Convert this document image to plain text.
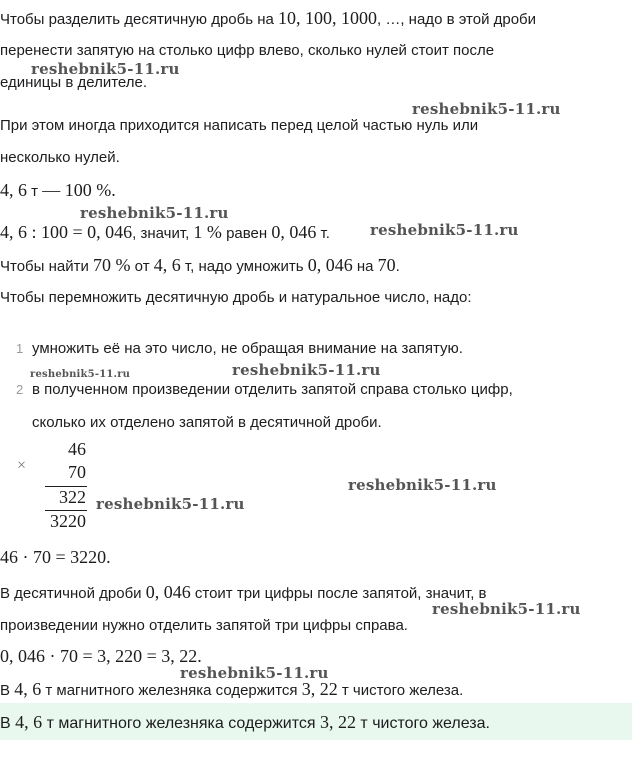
Чтобы разделить десятичную дробь на 10, 100, 1000, …, надо в этой дроби
перенести запятую на столько цифр влево, сколько нулей стоит после
reshebnik5-11.ru
единицы в делителе.
reshebnik5-11.ru
При этом иногда приходится написать перед целой частью нуль или
несколько нулей.
4, 6 т — 100 %.
reshebnik5-11.ru
4, 6 : 100 = 0, 046, значит, 1 % равен 0, 046 т.	reshebnik5-11.ru
Чтобы найти 70 % от 4, 6 т, надо умножить 0, 046 на 70.
Чтобы перемножить десятичную дробь и натуральное число, надо:
1 умножить её на это число, не обращая внимание на запятую.
reshebnik5-11.ru	reshebnik5-11.ru
2 в полученном произведении отделить запятой справа столько цифр,
сколько их отделено запятой в десятичной дроби.
×
46
70
322
3220
reshebnik5-11.ru
reshebnik5-11.ru
46 · 70 = 3220.
В десятичной дроби 0, 046 стоит три цифры после запятой, значит, в
reshebnik5-11.ru
произведении нужно отделить запятой три цифры справа.
0, 046 · 70 = 3, 220 = 3, 22.
reshebnik5-11.ru
В 4, 6 т магнитного железняка содержится 3, 22 т чистого железа.
В 4, 6 т магнитного железняка содержится 3, 22 т чистого железа.
